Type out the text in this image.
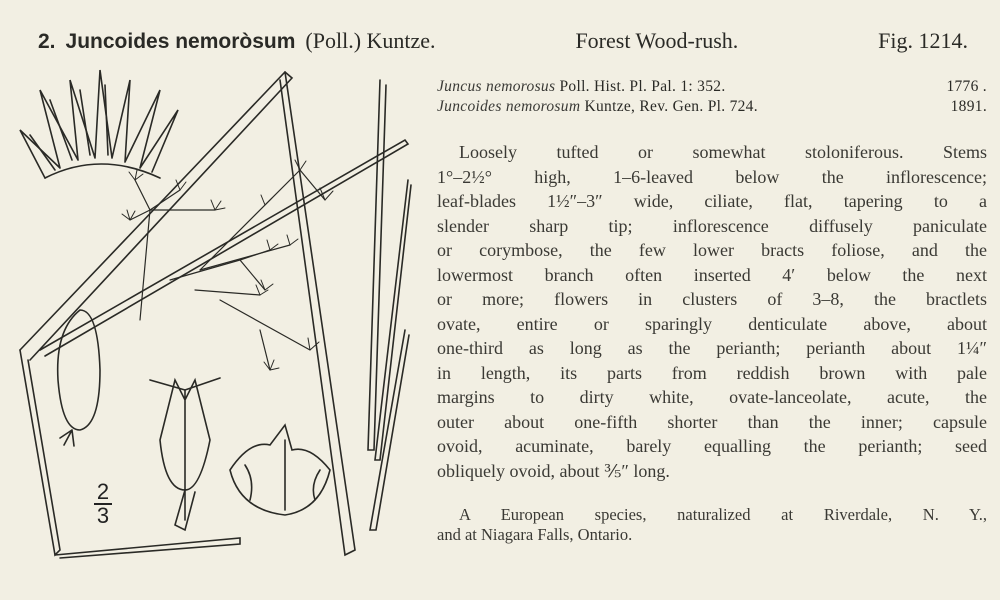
2. Juncoides nemoròsum (Poll.) Kuntze.	Forest Wood-rush.	Fig. 1214.
Juncus nemorosus Poll. Hist. Pl. Pal. 1: 352.	1776 .
Juncoides nemorosum Kuntze, Rev. Gen. Pl. 724.	1891.
Loosely tufted or somewhat stoloniferous. Stems
1°–2½° high, 1–6-leaved below the inflorescence;
leaf-blades 1½″–3″ wide, ciliate, flat, tapering to a
slender sharp tip; inflorescence diffusely paniculate
or corymbose, the few lower bracts foliose, and the
lowermost branch often inserted 4′ below the next
or more; flowers in clusters of 3–8, the bractlets
ovate, entire or sparingly denticulate above, about
one-third as long as the perianth; perianth about 1¼″
in length, its parts from reddish brown with pale
margins to dirty white, ovate-lanceolate, acute, the
outer about one-fifth shorter than the inner; capsule
ovoid, acuminate, barely equalling the perianth; seed
obliquely ovoid, about ⅗″ long.
A European species, naturalized at Riverdale, N. Y.,
and at Niagara Falls, Ontario.
2
3
